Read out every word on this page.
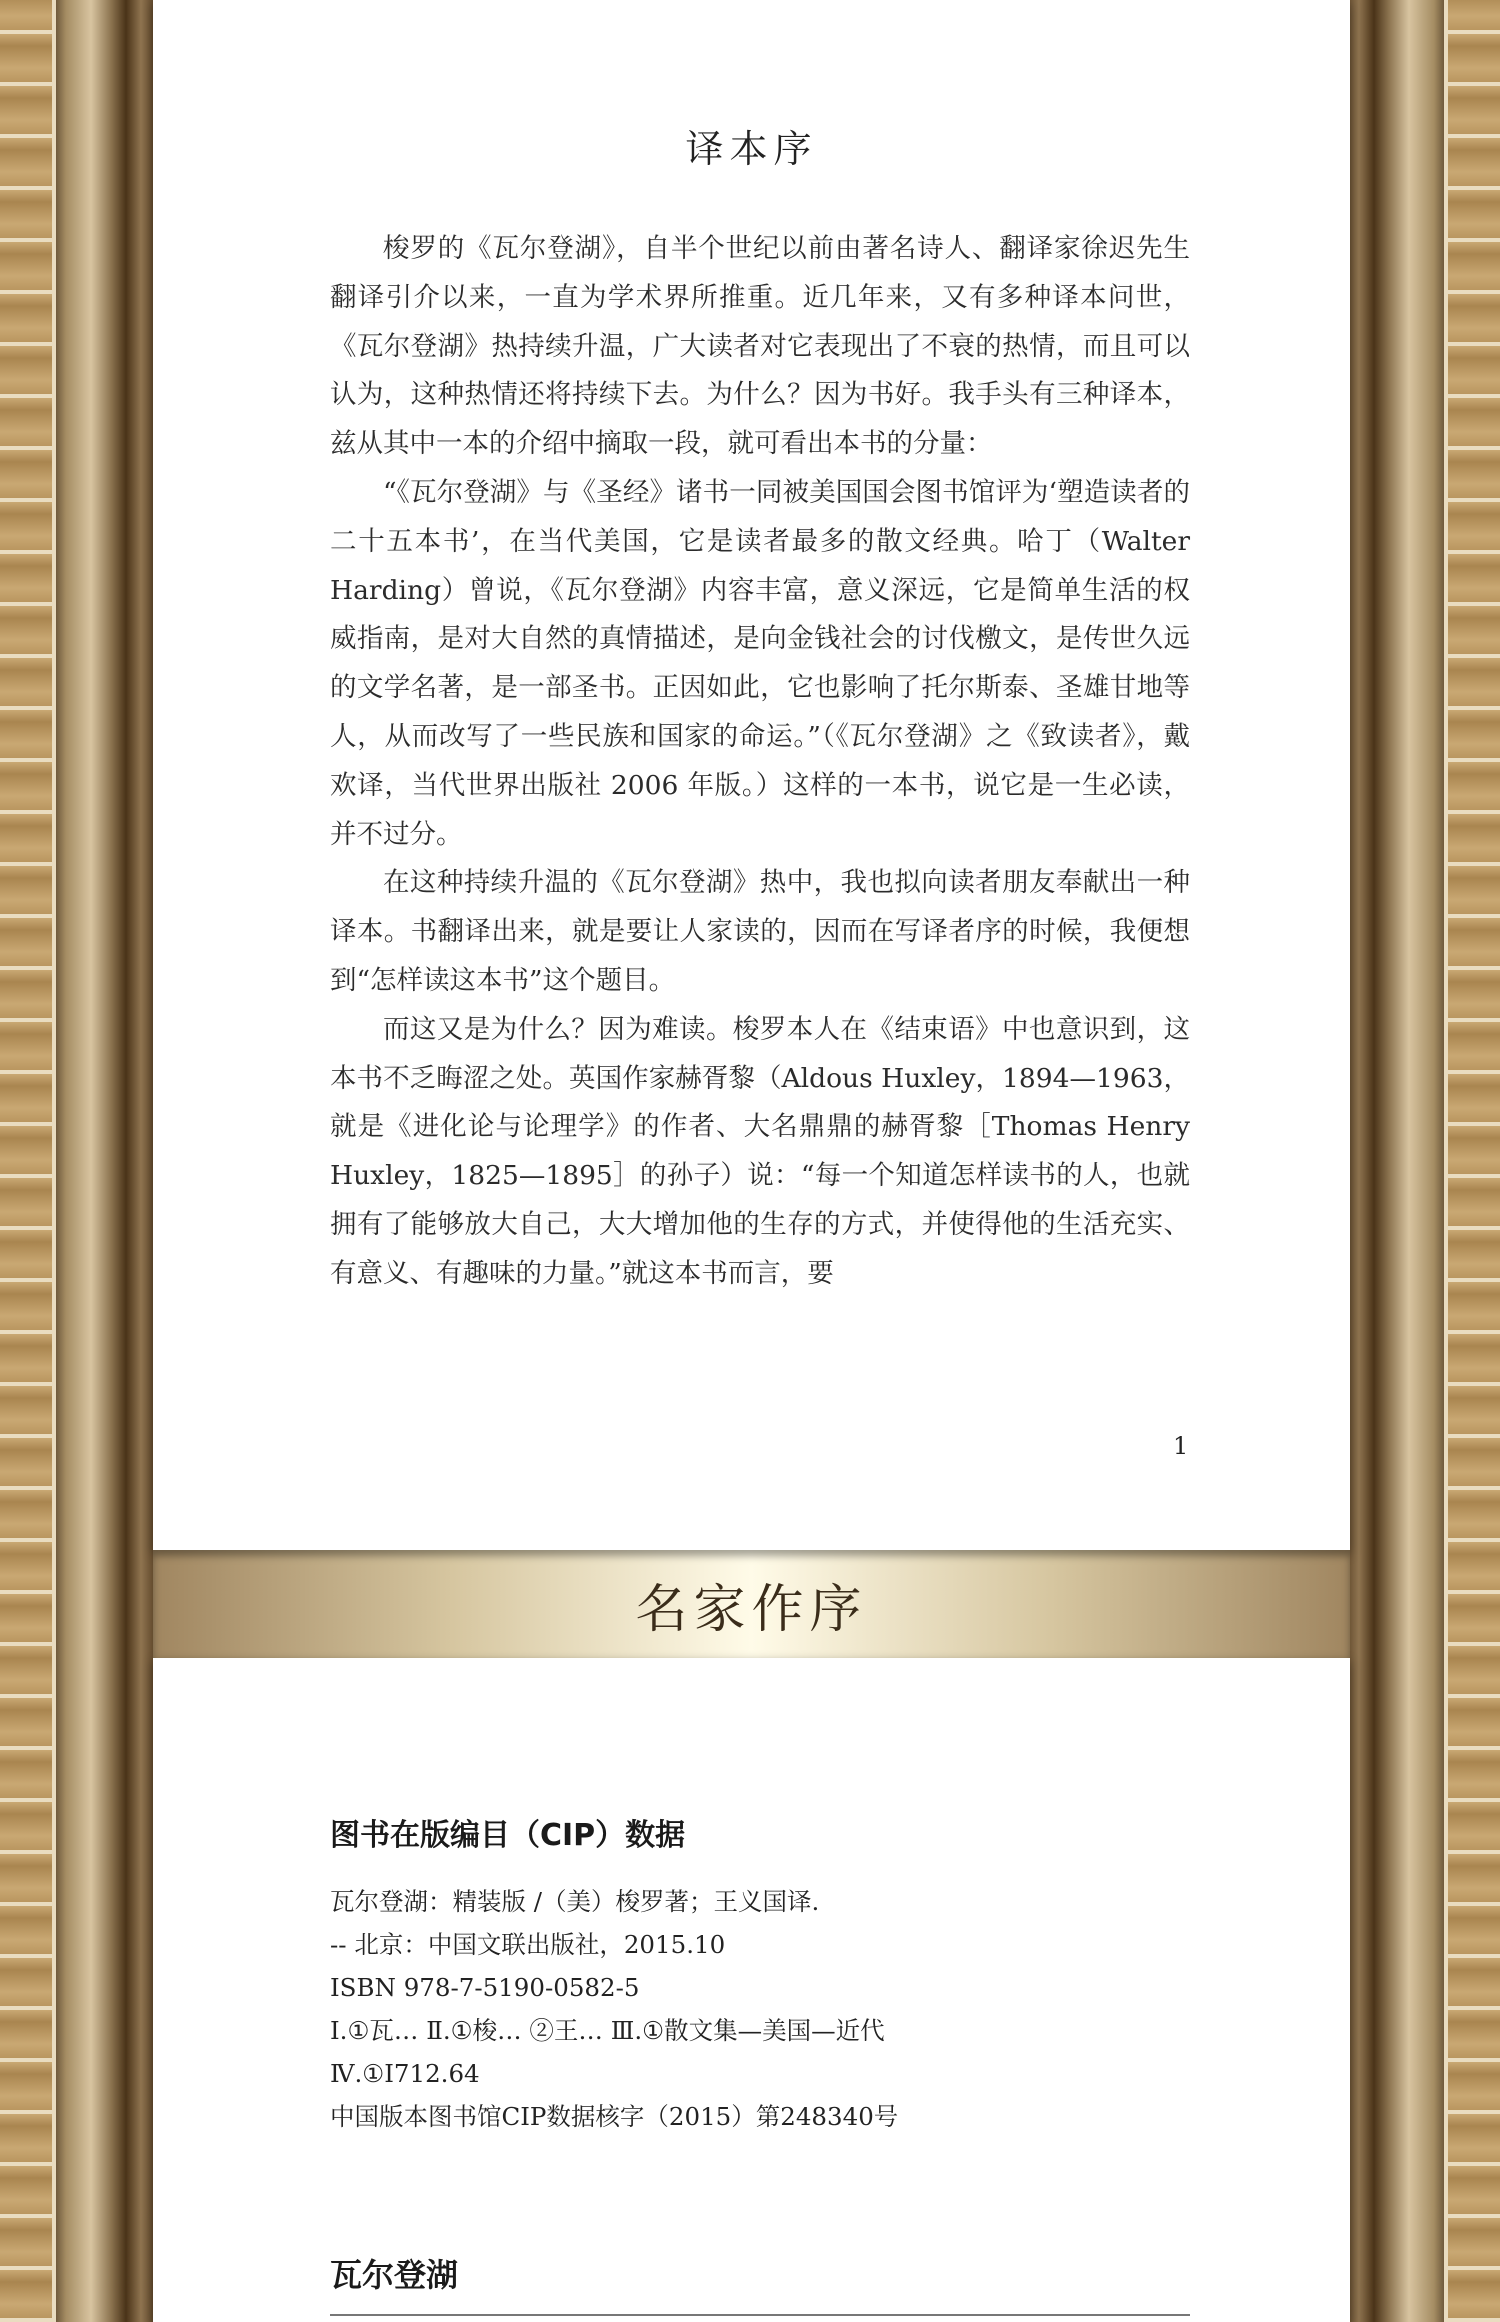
译本序

梭罗的《瓦尔登湖》，自半个世纪以前由著名诗人、翻译家徐迟先生翻译引介以来，一直为学术界所推重。近几年来，又有多种译本问世，《瓦尔登湖》热持续升温，广大读者对它表现出了不衰的热情，而且可以认为，这种热情还将持续下去。为什么？因为书好。我手头有三种译本，兹从其中一本的介绍中摘取一段，就可看出本书的分量：

“《瓦尔登湖》与《圣经》诸书一同被美国国会图书馆评为‘塑造读者的二十五本书’，在当代美国，它是读者最多的散文经典。哈丁（Walter Harding）曾说，《瓦尔登湖》内容丰富，意义深远，它是简单生活的权威指南，是对大自然的真情描述，是向金钱社会的讨伐檄文，是传世久远的文学名著，是一部圣书。正因如此，它也影响了托尔斯泰、圣雄甘地等人，从而改写了一些民族和国家的命运。”（《瓦尔登湖》之《致读者》，戴欢译，当代世界出版社 2006 年版。）这样的一本书，说它是一生必读，并不过分。

在这种持续升温的《瓦尔登湖》热中，我也拟向读者朋友奉献出一种译本。书翻译出来，就是要让人家读的，因而在写译者序的时候，我便想到“怎样读这本书”这个题目。

而这又是为什么？因为难读。梭罗本人在《结束语》中也意识到，这本书不乏晦涩之处。英国作家赫胥黎（Aldous Huxley，1894—1963，就是《进化论与论理学》的作者、大名鼎鼎的赫胥黎［Thomas Henry Huxley，1825—1895］的孙子）说：“每一个知道怎样读书的人，也就拥有了能够放大自己，大大增加他的生存的方式，并使得他的生活充实、有意义、有趣味的力量。”就这本书而言，要

1
名家作序
图书在版编目（CIP）数据
瓦尔登湖：精装版 /（美）梭罗著；王义国译.
-- 北京：中国文联出版社，2015.10
ISBN 978-7-5190-0582-5
Ⅰ.①瓦… Ⅱ.①梭… ②王… Ⅲ.①散文集—美国—近代
Ⅳ.①I712.64
中国版本图书馆CIP数据核字（2015）第248340号
瓦尔登湖
